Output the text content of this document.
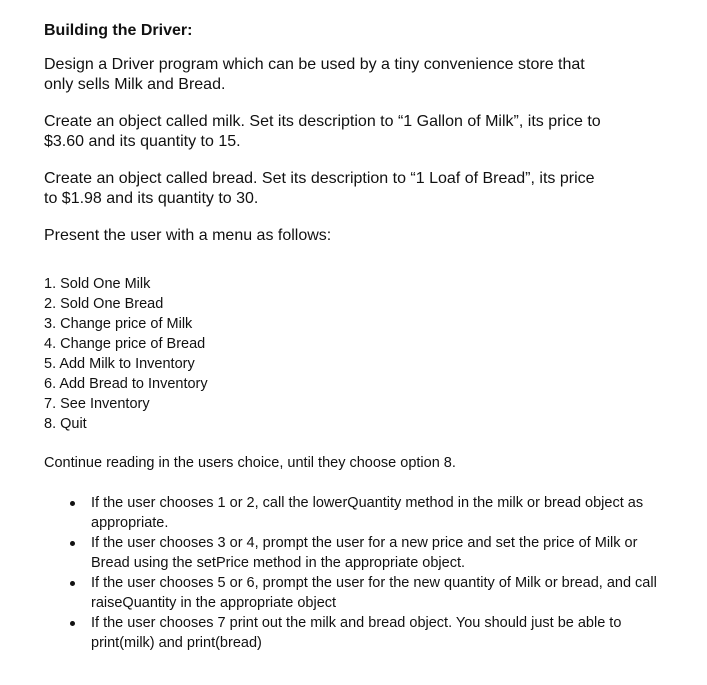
Building the Driver:

Design a Driver program which can be used by a tiny convenience store that only sells Milk and Bread.

Create an object called milk. Set its description to “1 Gallon of Milk”, its price to $3.60 and its quantity to 15.

Create an object called bread. Set its description to “1 Loaf of Bread”, its price to $1.98 and its quantity to 30.

Present the user with a menu as follows:

1. Sold One Milk
2. Sold One Bread
3. Change price of Milk
4. Change price of Bread
5. Add Milk to Inventory
6. Add Bread to Inventory
7. See Inventory
8. Quit

Continue reading in the users choice, until they choose option 8.

If the user chooses 1 or 2, call the lowerQuantity method in the milk or bread object as appropriate.
If the user chooses 3 or 4, prompt the user for a new price and set the price of Milk or Bread using the setPrice method in the appropriate object.
If the user chooses 5 or 6, prompt the user for the new quantity of Milk or bread, and call raiseQuantity in the appropriate object
If the user chooses 7 print out the milk and bread object. You should just be able to print(milk) and print(bread)
